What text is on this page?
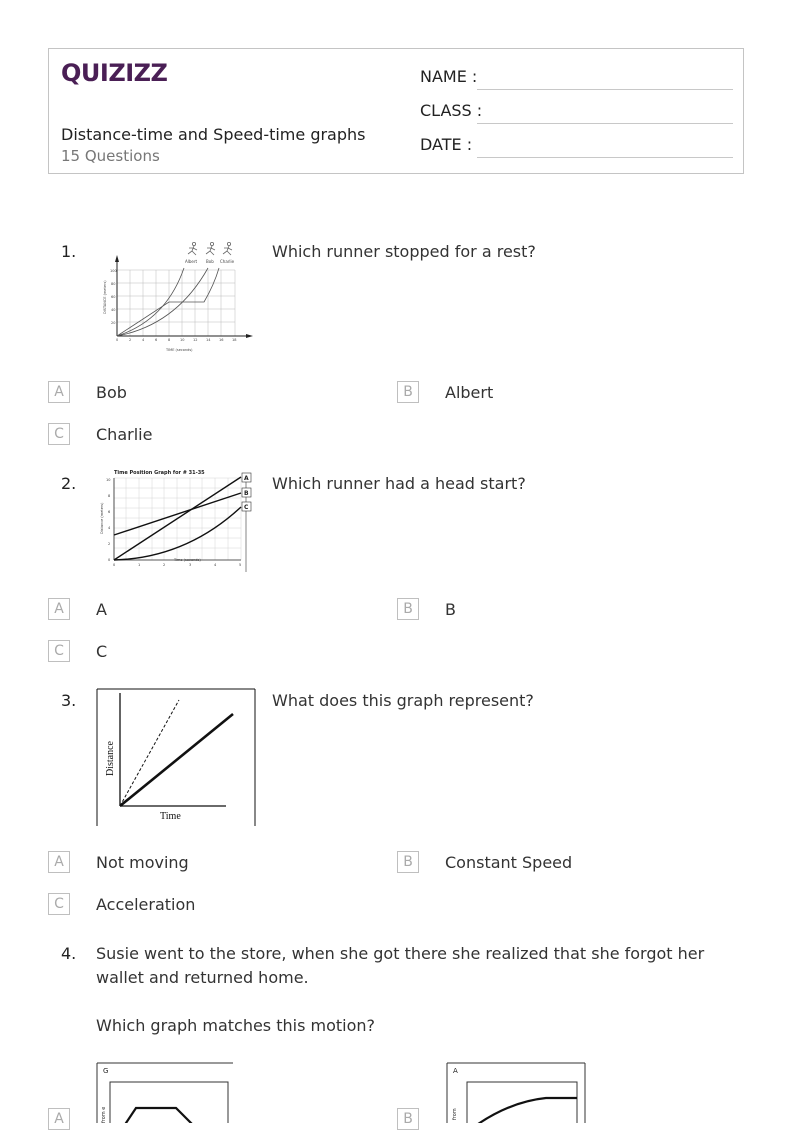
QUIZIZZ
Distance-time and Speed-time graphs
15 Questions
NAME :
CLASS :
DATE :
1.
Albert Bob Charlie
0	2	4	6	8	10 12 14 16 18
100
80
60
40
20
TIME (seconds)
DISTANCE (meters)
Which runner stopped for a rest?
A	Bob	B	Albert
C	Charlie
2.
Time Position Graph for # 31-35
A
B
C
0	1	2	3	4	5
0
2
4
6
8
10
Time (seconds)
Distance (meters)
Which runner had a head start?
A	A	B	B
C	C
3.
Time
Distance
What does this graph represent?
A	Not moving	B	Constant Speed
C	Acceleration
4. Susie went to the store, when she got there she realized that she forgot her wallet and returned home.
Which graph matches this motion?
G
from e
A
A
from
B
